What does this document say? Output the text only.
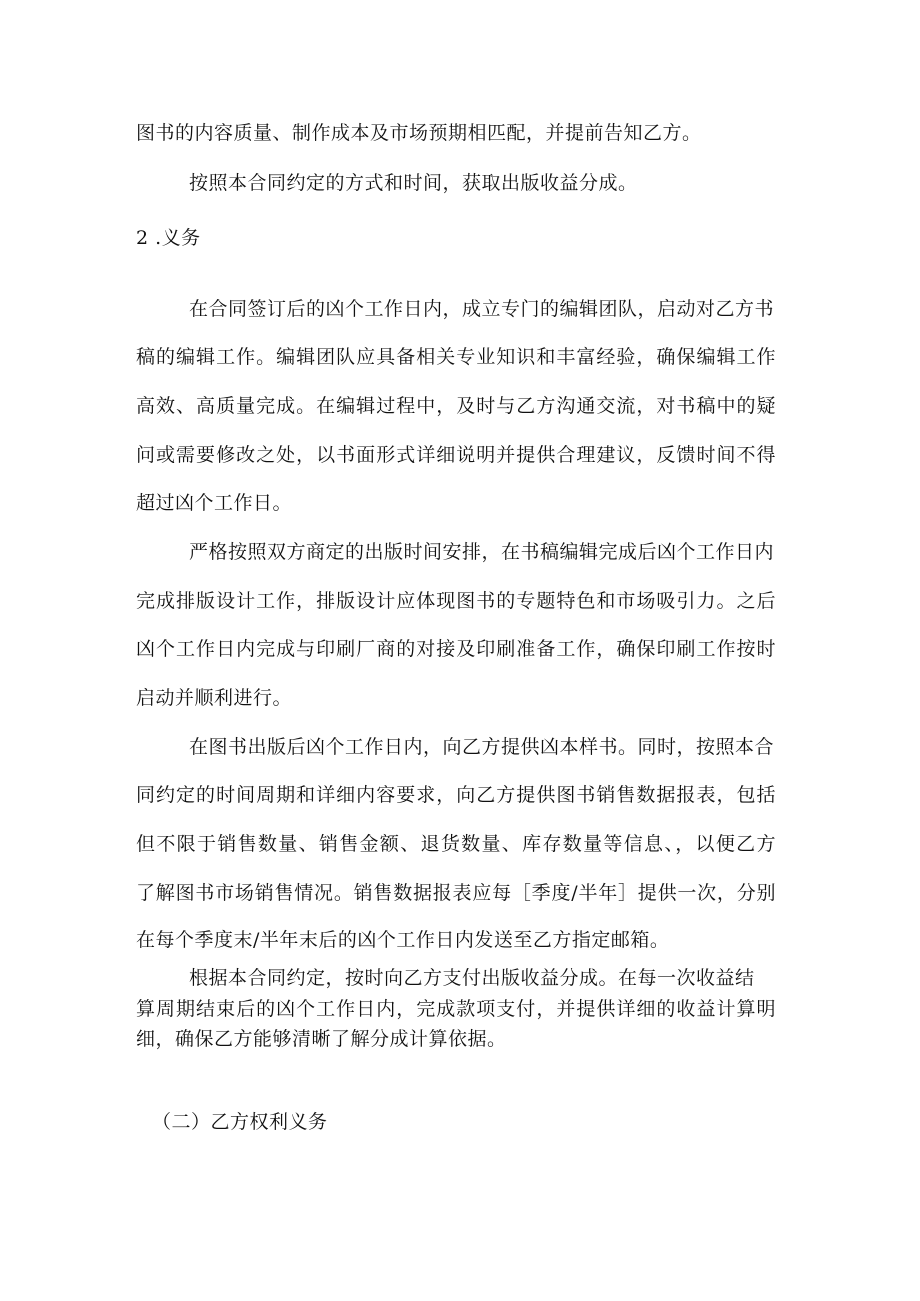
图书的内容质量、制作成本及市场预期相匹配，并提前告知乙方。
按照本合同约定的方式和时间，获取出版收益分成。
2 .义务
在合同签订后的凶个工作日内，成立专门的编辑团队，启动对乙方书
稿的编辑工作。编辑团队应具备相关专业知识和丰富经验，确保编辑工作
高效、高质量完成。在编辑过程中，及时与乙方沟通交流，对书稿中的疑
问或需要修改之处，以书面形式详细说明并提供合理建议，反馈时间不得
超过凶个工作日。
严格按照双方商定的出版时间安排，在书稿编辑完成后凶个工作日内
完成排版设计工作，排版设计应体现图书的专题特色和市场吸引力。之后
凶个工作日内完成与印刷厂商的对接及印刷准备工作，确保印刷工作按时
启动并顺利进行。
在图书出版后凶个工作日内，向乙方提供凶本样书。同时，按照本合
同约定的时间周期和详细内容要求，向乙方提供图书销售数据报表，包括
但不限于销售数量、销售金额、退货数量、库存数量等信息、，以便乙方
了解图书市场销售情况。销售数据报表应每［季度/半年］提供一次，分别
在每个季度末/半年末后的凶个工作日内发送至乙方指定邮箱。
根据本合同约定，按时向乙方支付出版收益分成。在每一次收益结
算周期结束后的凶个工作日内，完成款项支付，并提供详细的收益计算明
细，确保乙方能够清晰了解分成计算依据。
（二）乙方权利义务
